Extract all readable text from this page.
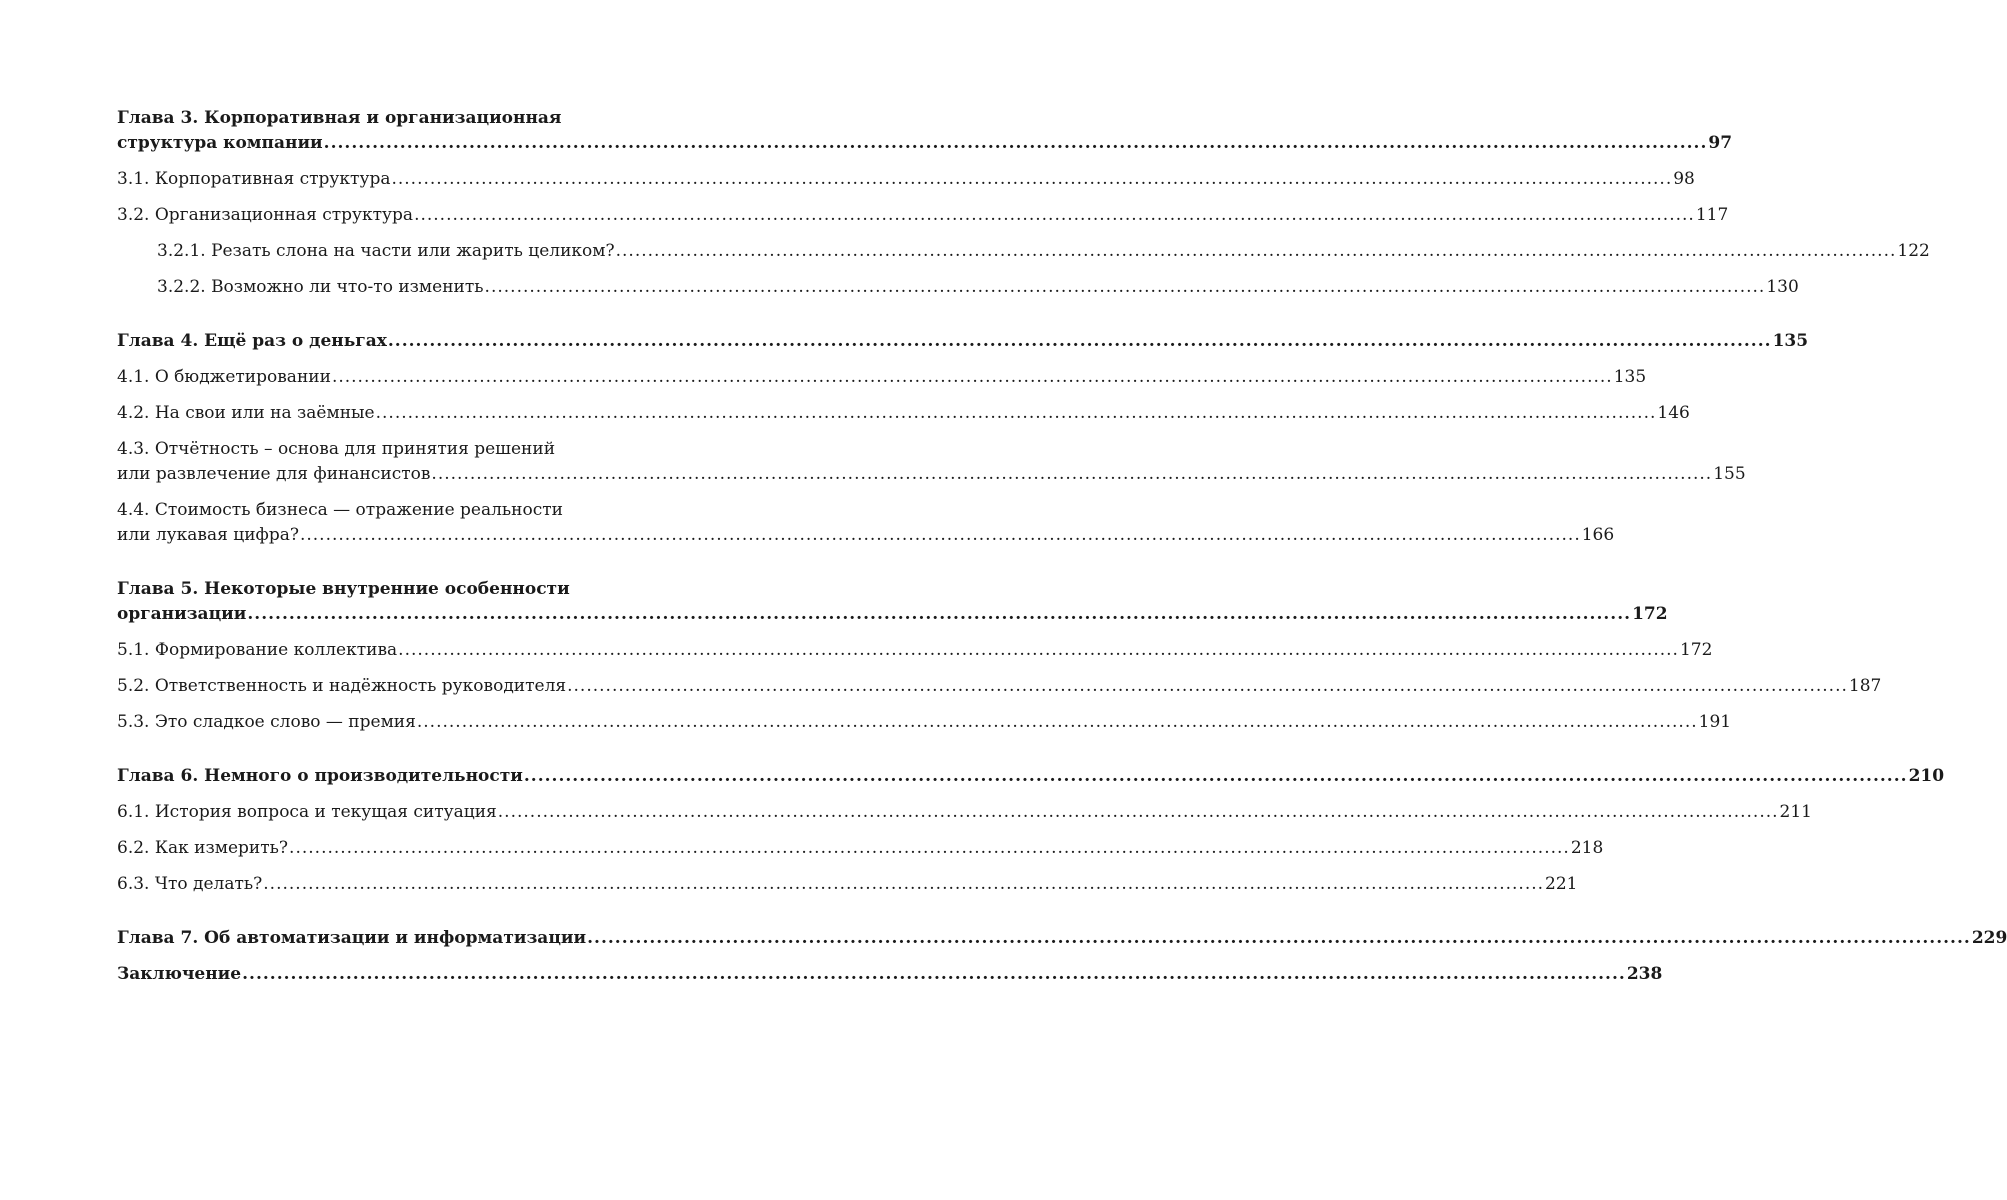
Глава 3. Корпоративная и организационная
структура компании ........................................................................................................................................................................................................ 97
3.1. Корпоративная структура ........................................................................................................................................................................................................ 98
3.2. Организационная структура ........................................................................................................................................................................................................ 117
3.2.1. Резать слона на части или жарить целиком? ........................................................................................................................................................................................................ 122
3.2.2. Возможно ли что-то изменить ........................................................................................................................................................................................................ 130
Глава 4. Ещё раз о деньгах ........................................................................................................................................................................................................ 135
4.1. О бюджетировании ........................................................................................................................................................................................................ 135
4.2. На свои или на заёмные ........................................................................................................................................................................................................ 146
4.3. Отчётность – основа для принятия решений
или развлечение для финансистов ........................................................................................................................................................................................................ 155
4.4. Стоимость бизнеса — отражение реальности
или лукавая цифра? ........................................................................................................................................................................................................ 166
Глава 5. Некоторые внутренние особенности
организации ........................................................................................................................................................................................................ 172
5.1. Формирование коллектива ........................................................................................................................................................................................................ 172
5.2. Ответственность и надёжность руководителя ........................................................................................................................................................................................................ 187
5.3. Это сладкое слово — премия ........................................................................................................................................................................................................ 191
Глава 6. Немного о производительности ........................................................................................................................................................................................................ 210
6.1. История вопроса и текущая ситуация ........................................................................................................................................................................................................ 211
6.2. Как измерить? ........................................................................................................................................................................................................ 218
6.3. Что делать? ........................................................................................................................................................................................................ 221
Глава 7. Об автоматизации и информатизации ........................................................................................................................................................................................................ 229
Заключение ........................................................................................................................................................................................................ 238
